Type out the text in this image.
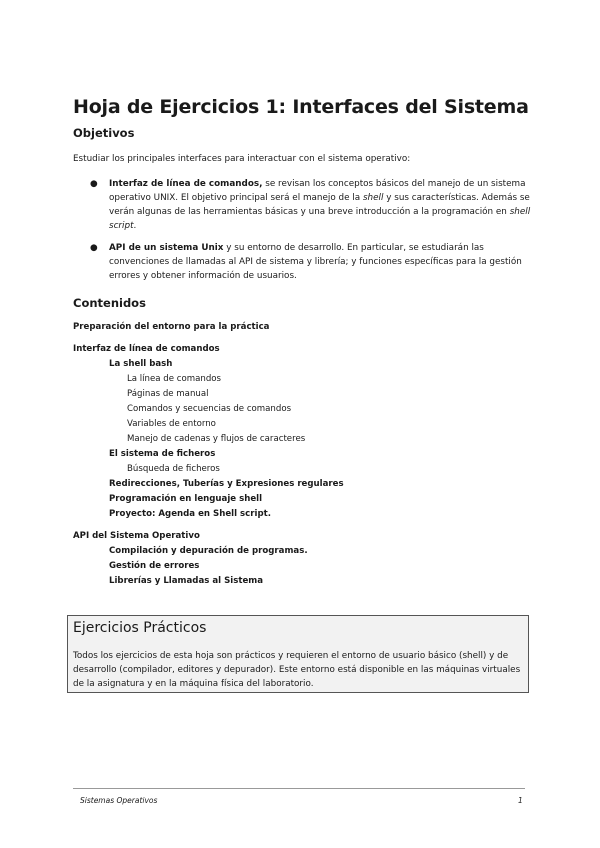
Hoja de Ejercicios 1: Interfaces del Sistema
Objetivos

Estudiar los principales interfaces para interactuar con el sistema operativo:

● Interfaz de línea de comandos, se revisan los conceptos básicos del manejo de un sistema operativo UNIX. El objetivo principal será el manejo de la shell y sus características. Además se verán algunas de las herramientas básicas y una breve introducción a la programación en shell script.
● API de un sistema Unix y su entorno de desarrollo. En particular, se estudiarán las convenciones de llamadas al API de sistema y librería; y funciones específicas para la gestión errores y obtener información de usuarios.
Contenidos
Preparación del entorno para la práctica
Interfaz de línea de comandos
La shell bash
La línea de comandos
Páginas de manual
Comandos y secuencias de comandos
Variables de entorno
Manejo de cadenas y flujos de caracteres
El sistema de ficheros
Búsqueda de ficheros
Redirecciones, Tuberías y Expresiones regulares
Programación en lenguaje shell
Proyecto: Agenda en Shell script.
API del Sistema Operativo
Compilación y depuración de programas.
Gestión de errores
Librerías y Llamadas al Sistema
Ejercicios Prácticos

Todos los ejercicios de esta hoja son prácticos y requieren el entorno de usuario básico (shell) y de desarrollo (compilador, editores y depurador). Este entorno está disponible en las máquinas virtuales de la asignatura y en la máquina física del laboratorio.

Sistemas Operativos	1
